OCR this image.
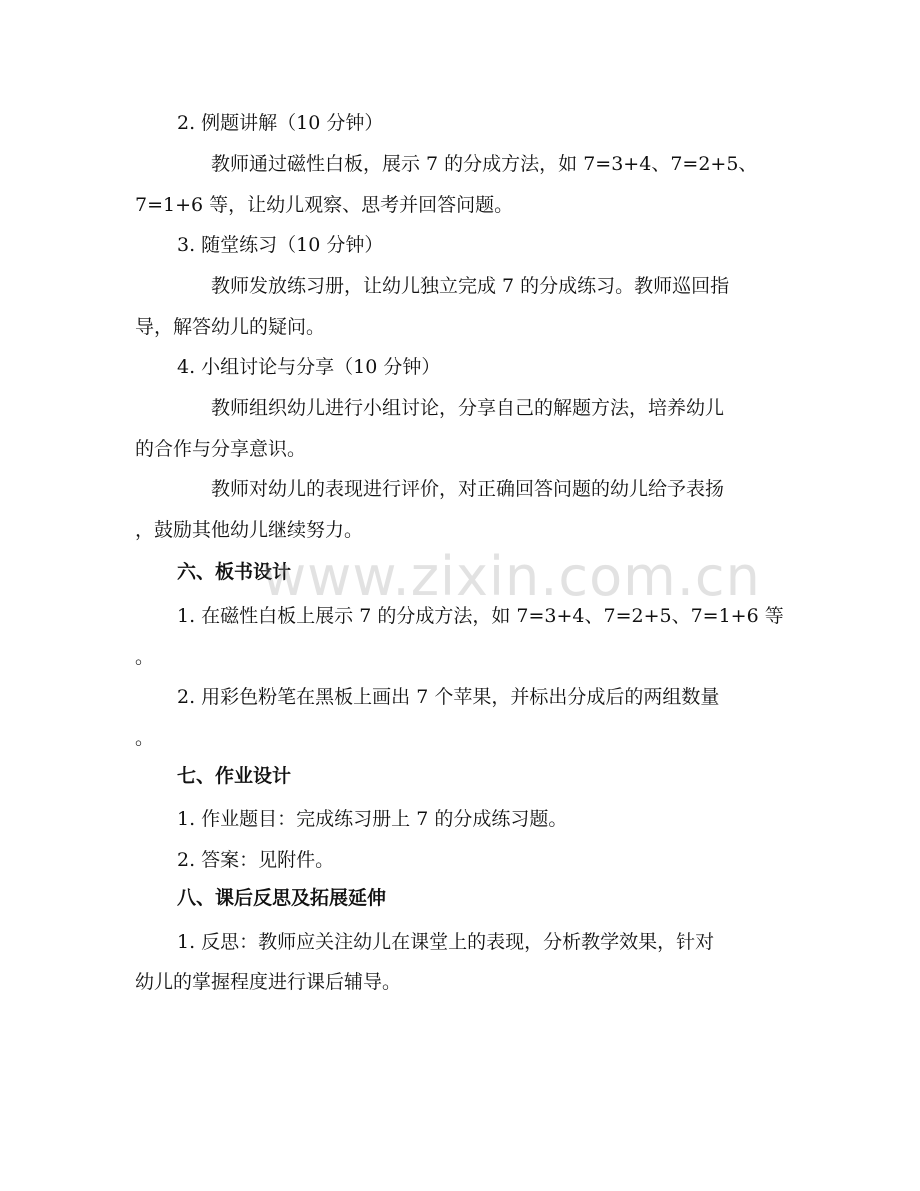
2. 例题讲解（10 分钟）
教师通过磁性白板，展示 7 的分成方法，如 7=3+4、7=2+5、
7=1+6 等，让幼儿观察、思考并回答问题。
3. 随堂练习（10 分钟）
教师发放练习册，让幼儿独立完成 7 的分成练习。教师巡回指
导，解答幼儿的疑问。
4. 小组讨论与分享（10 分钟）
教师组织幼儿进行小组讨论，分享自己的解题方法，培养幼儿
的合作与分享意识。
教师对幼儿的表现进行评价，对正确回答问题的幼儿给予表扬
，鼓励其他幼儿继续努力。
六、板书设计
1. 在磁性白板上展示 7 的分成方法，如 7=3+4、7=2+5、7=1+6 等
。
2. 用彩色粉笔在黑板上画出 7 个苹果，并标出分成后的两组数量
。
七、作业设计
1. 作业题目：完成练习册上 7 的分成练习题。
2. 答案：见附件。
八、课后反思及拓展延伸
1. 反思：教师应关注幼儿在课堂上的表现，分析教学效果，针对
幼儿的掌握程度进行课后辅导。
www.zixin.com.cn
